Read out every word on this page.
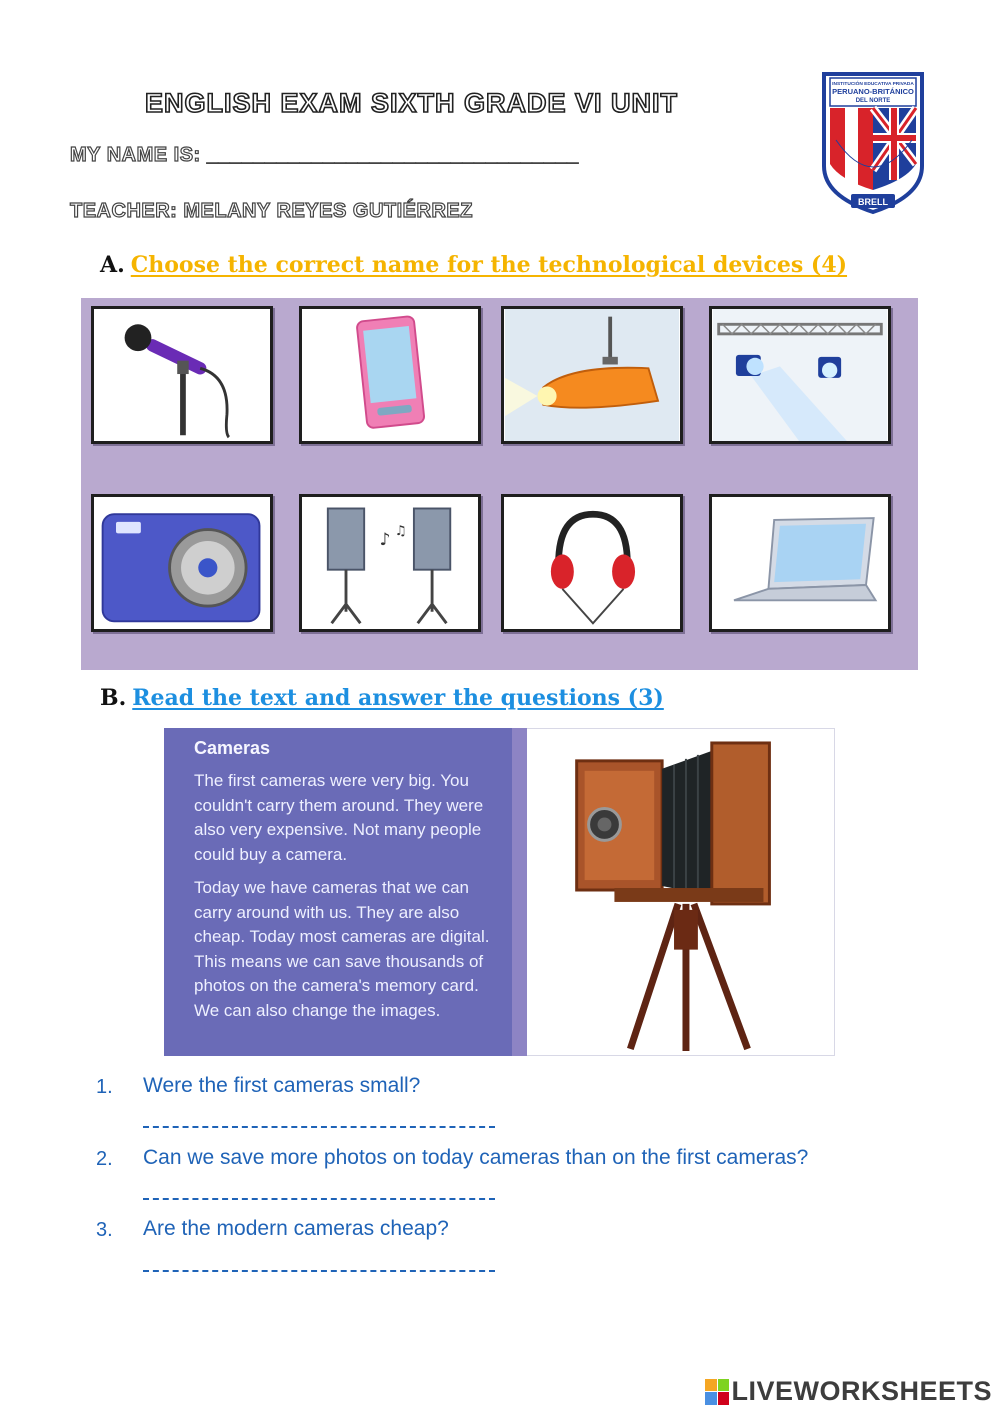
ENGLISH EXAM SIXTH GRADE VI UNIT
MY NAME IS: ________________________________
TEACHER: MELANY REYES GUTIÉRREZ
INSTITUCIÓN EDUCATIVA PRIVADA
PERUANO-BRITÁNICO
DEL NORTE
BRELL
A. Choose the correct name for the technological devices (4)
♪ ♫
B. Read the text and answer the questions (3)
Cameras

The first cameras were very big. You couldn't carry them around. They were also very expensive. Not many people could buy a camera.

Today we have cameras that we can carry around with us. They are also cheap. Today most cameras are digital. This means we can save thousands of photos on the camera's memory card. We can also change the images.

1. Were the first cameras small?
2. Can we save more photos on today cameras than on the first cameras?
3. Are the modern cameras cheap?
LIVEWORKSHEETS
